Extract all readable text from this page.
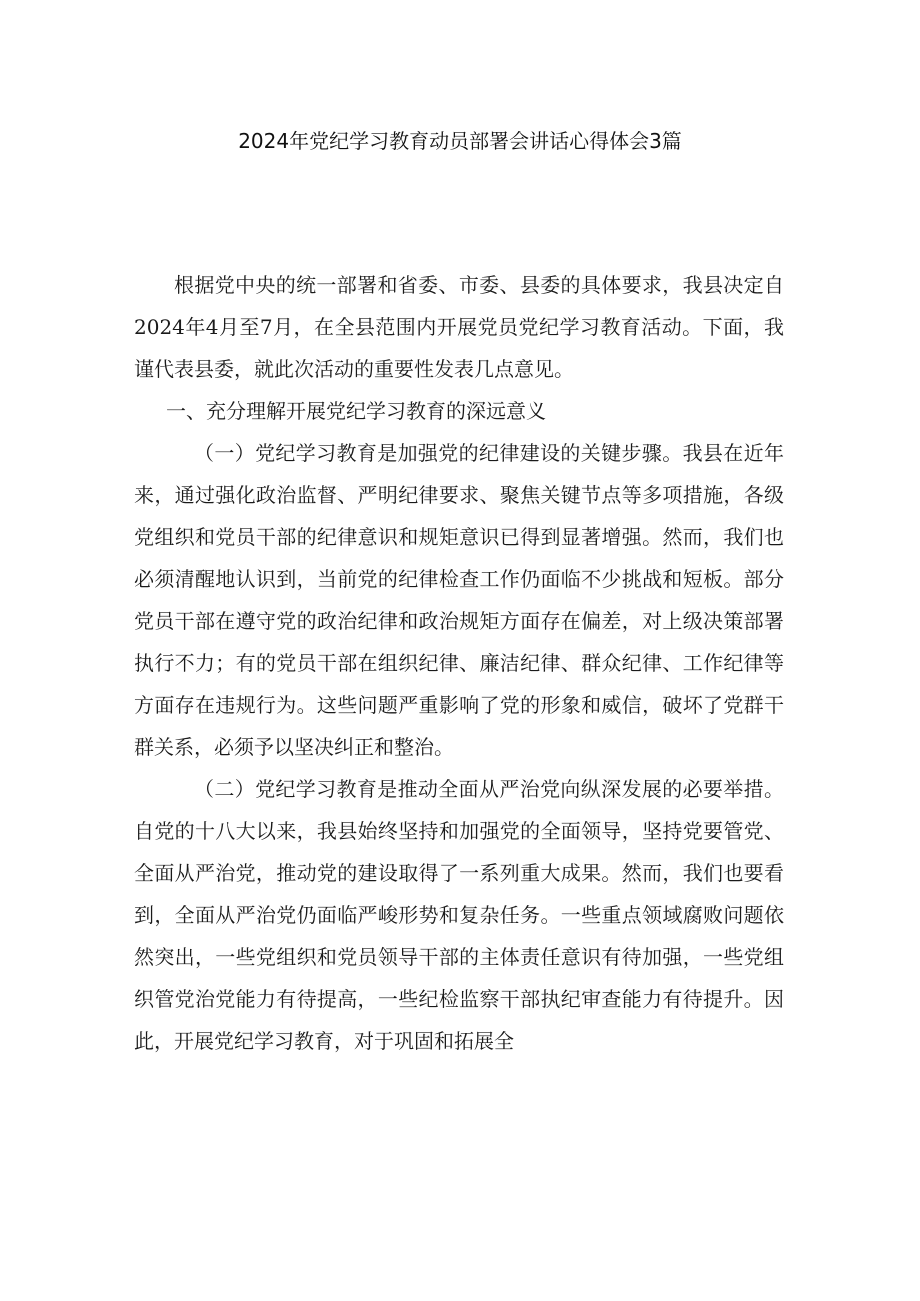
2024年党纪学习教育动员部署会讲话心得体会3篇

根据党中央的统一部署和省委、市委、县委的具体要求，我县决定自2024年4月至7月，在全县范围内开展党员党纪学习教育活动。下面，我谨代表县委，就此次活动的重要性发表几点意见。

一、充分理解开展党纪学习教育的深远意义

（一）党纪学习教育是加强党的纪律建设的关键步骤。我县在近年来，通过强化政治监督、严明纪律要求、聚焦关键节点等多项措施，各级党组织和党员干部的纪律意识和规矩意识已得到显著增强。然而，我们也必须清醒地认识到，当前党的纪律检查工作仍面临不少挑战和短板。部分党员干部在遵守党的政治纪律和政治规矩方面存在偏差，对上级决策部署执行不力；有的党员干部在组织纪律、廉洁纪律、群众纪律、工作纪律等方面存在违规行为。这些问题严重影响了党的形象和威信，破坏了党群干群关系，必须予以坚决纠正和整治。

（二）党纪学习教育是推动全面从严治党向纵深发展的必要举措。自党的十八大以来，我县始终坚持和加强党的全面领导，坚持党要管党、全面从严治党，推动党的建设取得了一系列重大成果。然而，我们也要看到，全面从严治党仍面临严峻形势和复杂任务。一些重点领域腐败问题依然突出，一些党组织和党员领导干部的主体责任意识有待加强，一些党组织管党治党能力有待提高，一些纪检监察干部执纪审查能力有待提升。因此，开展党纪学习教育，对于巩固和拓展全
